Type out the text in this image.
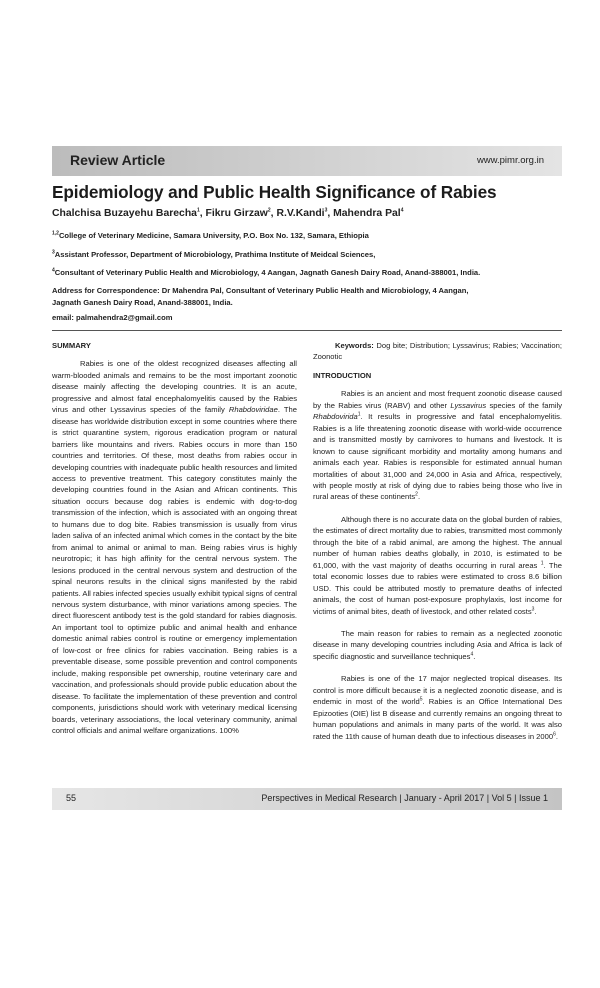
Review Article	www.pimr.org.in
Epidemiology and Public Health Significance of Rabies
Chalchisa Buzayehu Barecha$^1$, Fikru Girzaw$^2$, R.V.Kandi$^3$, Mahendra Pal$^4$
$^{1,2}$College of Veterinary Medicine, Samara University, P.O. Box No. 132, Samara, Ethiopia
$^3$Assistant Professor, Department of Microbiology, Prathima Institute of Meidcal Sciences,
$^4$Consultant of Veterinary Public Health and Microbiology, 4 Aangan, Jagnath Ganesh Dairy Road, Anand-388001, India.
Address for Correspondence: Dr Mahendra Pal, Consultant of Veterinary Public Health and Microbiology, 4 Aangan,
Jagnath Ganesh Dairy Road, Anand-388001, India.
email: palmahendra2@gmail.com

SUMMARY

Rabies is one of the oldest recognized diseases affecting all warm-blooded animals and remains to be the most important zoonotic disease mainly affecting the developing countries. It is an acute, progressive and almost fatal encephalomyelitis caused by the Rabies virus and other Lyssavirus species of the family Rhabdoviridae. The disease has worldwide distribution except in some countries where there is strict quarantine system, rigorous eradication program or natural barriers like mountains and rivers. Rabies occurs in more than 150 countries and territories. Of these, most deaths from rabies occur in developing countries with inadequate public health resources and limited access to preventive treatment. This category constitutes mainly the developing countries found in the Asian and African continents. This situation occurs because dog rabies is endemic with dog-to-dog transmission of the infection, which is associated with an ongoing threat to humans due to dog bite. Rabies transmission is usually from virus laden saliva of an infected animal which comes in the contact by the bite from animal to animal or animal to man. Being rabies virus is highly neurotropic; it has high affinity for the central nervous system. The lesions produced in the central nervous system and destruction of the spinal neurons results in the clinical signs manifested by the rabid patients. All rabies infected species usually exhibit typical signs of central nervous system disturbance, with minor variations among species. The direct fluorescent antibody test is the gold standard for rabies diagnosis. An important tool to optimize public and animal health and enhance domestic animal rabies control is routine or emergency implementation of low-cost or free clinics for rabies vaccination. Being rabies is a preventable disease, some possible prevention and control components include, making responsible pet ownership, routine veterinary care and vaccination, and professionals should provide public education about the disease. To facilitate the implementation of these prevention and control components, jurisdictions should work with veterinary medical licensing boards, veterinary associations, the local veterinary community, animal control officials and animal welfare organizations. 100%

Keywords: Dog bite; Distribution; Lyssavirus; Rabies; Vaccination; Zoonotic

INTRODUCTION

Rabies is an ancient and most frequent zoonotic disease caused by the Rabies virus (RABV) and other Lyssavirus species of the family Rhabdovirida$^1$. It results in progressive and fatal encephalomyelitis. Rabies is a life threatening zoonotic disease with world-wide occurrence and is transmitted mostly by carnivores to humans and livestock. It is known to cause significant morbidity and mortality among humans and animals each year. Rabies is responsible for estimated annual human mortalities of about 31,000 and 24,000 in Asia and Africa, respectively, with people mostly at risk of dying due to rabies being those who live in rural areas of these continents$^2$.

Although there is no accurate data on the global burden of rabies, the estimates of direct mortality due to rabies, transmitted most commonly through the bite of a rabid animal, are among the highest. The annual number of human rabies deaths globally, in 2010, is estimated to be 61,000, with the vast majority of deaths occurring in rural areas $^1$. The total economic losses due to rabies were estimated to cross 8.6 billion USD. This could be attributed mostly to premature deaths of infected animals, the cost of human post-exposure prophylaxis, lost income for victims of animal bites, death of livestock, and other related costs$^3$.

The main reason for rabies to remain as a neglected zoonotic disease in many developing countries including Asia and Africa is lack of specific diagnostic and surveillance techniques$^4$.

Rabies is one of the 17 major neglected tropical diseases. Its control is more difficult because it is a neglected zoonotic disease, and is endemic in most of the world$^5$. Rabies is an Office International Des Epizooties (OIE) list B disease and currently remains an ongoing threat to human populations and animals in many parts of the world. It was also rated the 11th cause of human death due to infectious diseases in 2000$^6$.

55	Perspectives in Medical Research | January - April 2017 | Vol 5 | Issue 1
